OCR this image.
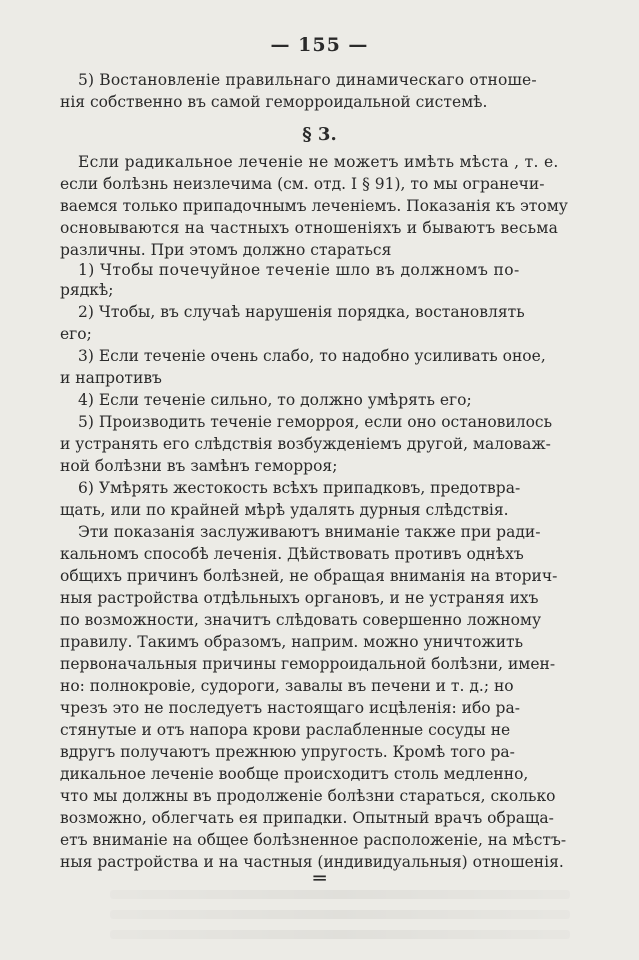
— 155 —
5) Востановленіе правильнаго динамическаго отноше-
нія собственно въ самой геморроидальной системѣ.
§ 3.
Если радикальное леченіе не можетъ имѣть мѣста , т. е.
если болѣзнь неизлечима (см. отд. I § 91), то мы огранечи-
ваемся только припадочнымъ леченіемъ. Показанія къ этому
основываются на частныхъ отношеніяхъ и бываютъ весьма
различны. При этомъ должно стараться
1) Чтобы почечуйное теченіе шло въ должномъ по-
рядкѣ;
2) Чтобы, въ случаѣ нарушенія порядка, востановлять
его;
3) Если теченіе очень слабо, то надобно усиливать оное,
и напротивъ
4) Если теченіе сильно, то должно умѣрять его;
5) Производить теченіе геморроя, если оно остановилось
и устранять его слѣдствія возбужденіемъ другой, маловаж-
ной болѣзни въ замѣнъ геморроя;
6) Умѣрять жестокость всѣхъ припадковъ, предотвра-
щать, или по крайней мѣрѣ удалять дурныя слѣдствія.
Эти показанія заслуживаютъ вниманіе также при ради-
кальномъ способѣ леченія. Дѣйствовать противъ однѣхъ
общихъ причинъ болѣзней, не обращая вниманія на вторич-
ныя растройства отдѣльныхъ органовъ, и не устраняя ихъ
по возможности, значитъ слѣдовать совершенно ложному
правилу. Такимъ образомъ, наприм. можно уничтожить
первоначальныя причины геморроидальной болѣзни, имен-
но: полнокровіе, судороги, завалы въ печени и т. д.; но
чрезъ это не последуетъ настоящаго исцѣленія: ибо ра-
стянутые и отъ напора крови раслабленные сосуды не
вдругъ получаютъ прежнюю упругость. Кромѣ того ра-
дикальное леченіе вообще происходитъ столь медленно,
что мы должны въ продолженіе болѣзни стараться, сколько
возможно, облегчать ея припадки. Опытный врачъ обраща-
етъ вниманіе на общее болѣзненное расположеніе, на мѣстъ-
ныя растройства и на частныя (индивидуальныя) отношенія.
═
